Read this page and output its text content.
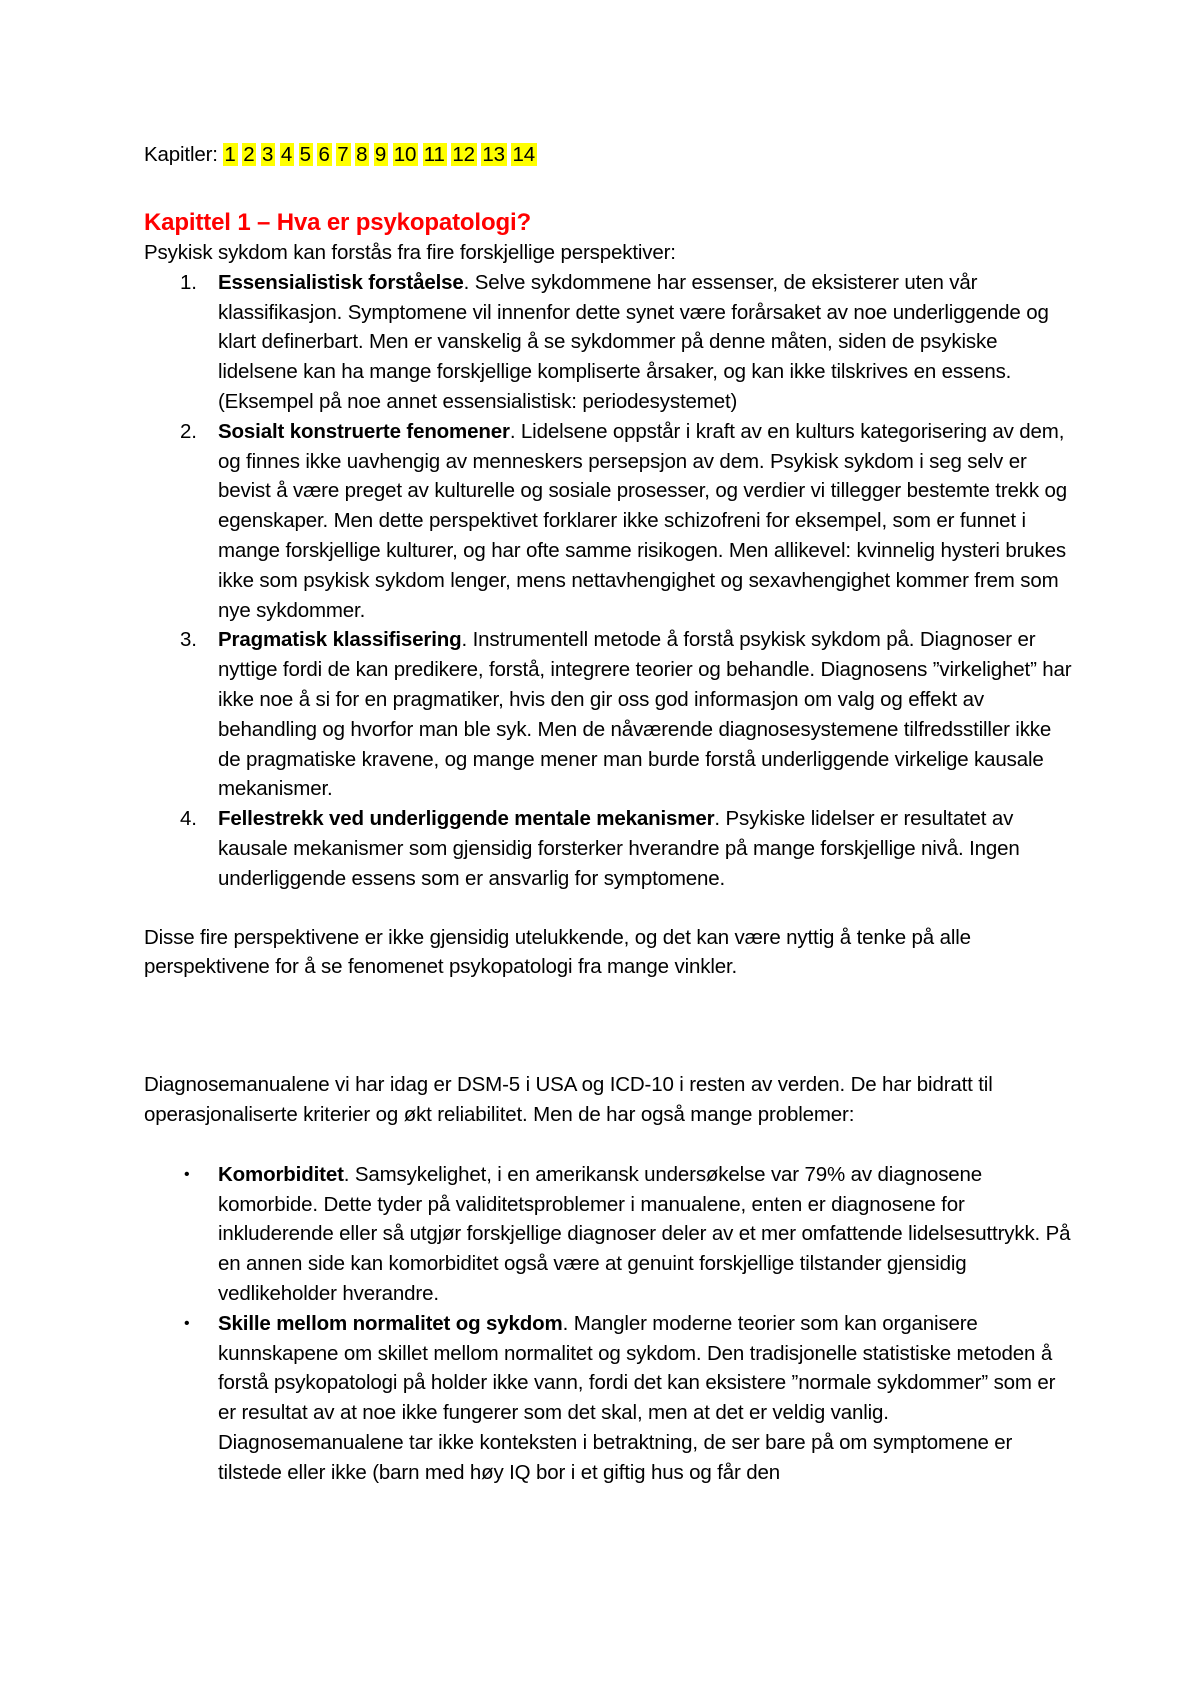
Kapitler: 1 2 3 4 5 6 7 8 9 10 11 12 13 14

Kapittel 1 – Hva er psykopatologi?

Psykisk sykdom kan forstås fra fire forskjellige perspektiver:

1. Essensialistisk forståelse. Selve sykdommene har essenser, de eksisterer uten vår klassifikasjon. Symptomene vil innenfor dette synet være forårsaket av noe underliggende og klart definerbart. Men er vanskelig å se sykdommer på denne måten, siden de psykiske lidelsene kan ha mange forskjellige kompliserte årsaker, og kan ikke tilskrives en essens. (Eksempel på noe annet essensialistisk: periodesystemet)
2. Sosialt konstruerte fenomener. Lidelsene oppstår i kraft av en kulturs kategorisering av dem, og finnes ikke uavhengig av menneskers persepsjon av dem. Psykisk sykdom i seg selv er bevist å være preget av kulturelle og sosiale prosesser, og verdier vi tillegger bestemte trekk og egenskaper. Men dette perspektivet forklarer ikke schizofreni for eksempel, som er funnet i mange forskjellige kulturer, og har ofte samme risikogen. Men allikevel: kvinnelig hysteri brukes ikke som psykisk sykdom lenger, mens nettavhengighet og sexavhengighet kommer frem som nye sykdommer.
3. Pragmatisk klassifisering. Instrumentell metode å forstå psykisk sykdom på. Diagnoser er nyttige fordi de kan predikere, forstå, integrere teorier og behandle. Diagnosens ”virkelighet” har ikke noe å si for en pragmatiker, hvis den gir oss god informasjon om valg og effekt av behandling og hvorfor man ble syk. Men de nåværende diagnosesystemene tilfredsstiller ikke de pragmatiske kravene, og mange mener man burde forstå underliggende virkelige kausale mekanismer.
4. Fellestrekk ved underliggende mentale mekanismer. Psykiske lidelser er resultatet av kausale mekanismer som gjensidig forsterker hverandre på mange forskjellige nivå. Ingen underliggende essens som er ansvarlig for symptomene.

Disse fire perspektivene er ikke gjensidig utelukkende, og det kan være nyttig å tenke på alle perspektivene for å se fenomenet psykopatologi fra mange vinkler.

Diagnosemanualene vi har idag er DSM-5 i USA og ICD-10 i resten av verden. De har bidratt til operasjonaliserte kriterier og økt reliabilitet. Men de har også mange problemer:

• Komorbiditet. Samsykelighet, i en amerikansk undersøkelse var 79% av diagnosene komorbide. Dette tyder på validitetsproblemer i manualene, enten er diagnosene for inkluderende eller så utgjør forskjellige diagnoser deler av et mer omfattende lidelsesuttrykk. På en annen side kan komorbiditet også være at genuint forskjellige tilstander gjensidig vedlikeholder hverandre.
• Skille mellom normalitet og sykdom. Mangler moderne teorier som kan organisere kunnskapene om skillet mellom normalitet og sykdom. Den tradisjonelle statistiske metoden å forstå psykopatologi på holder ikke vann, fordi det kan eksistere ”normale sykdommer” som er er resultat av at noe ikke fungerer som det skal, men at det er veldig vanlig. Diagnosemanualene tar ikke konteksten i betraktning, de ser bare på om symptomene er tilstede eller ikke (barn med høy IQ bor i et giftig hus og får den
